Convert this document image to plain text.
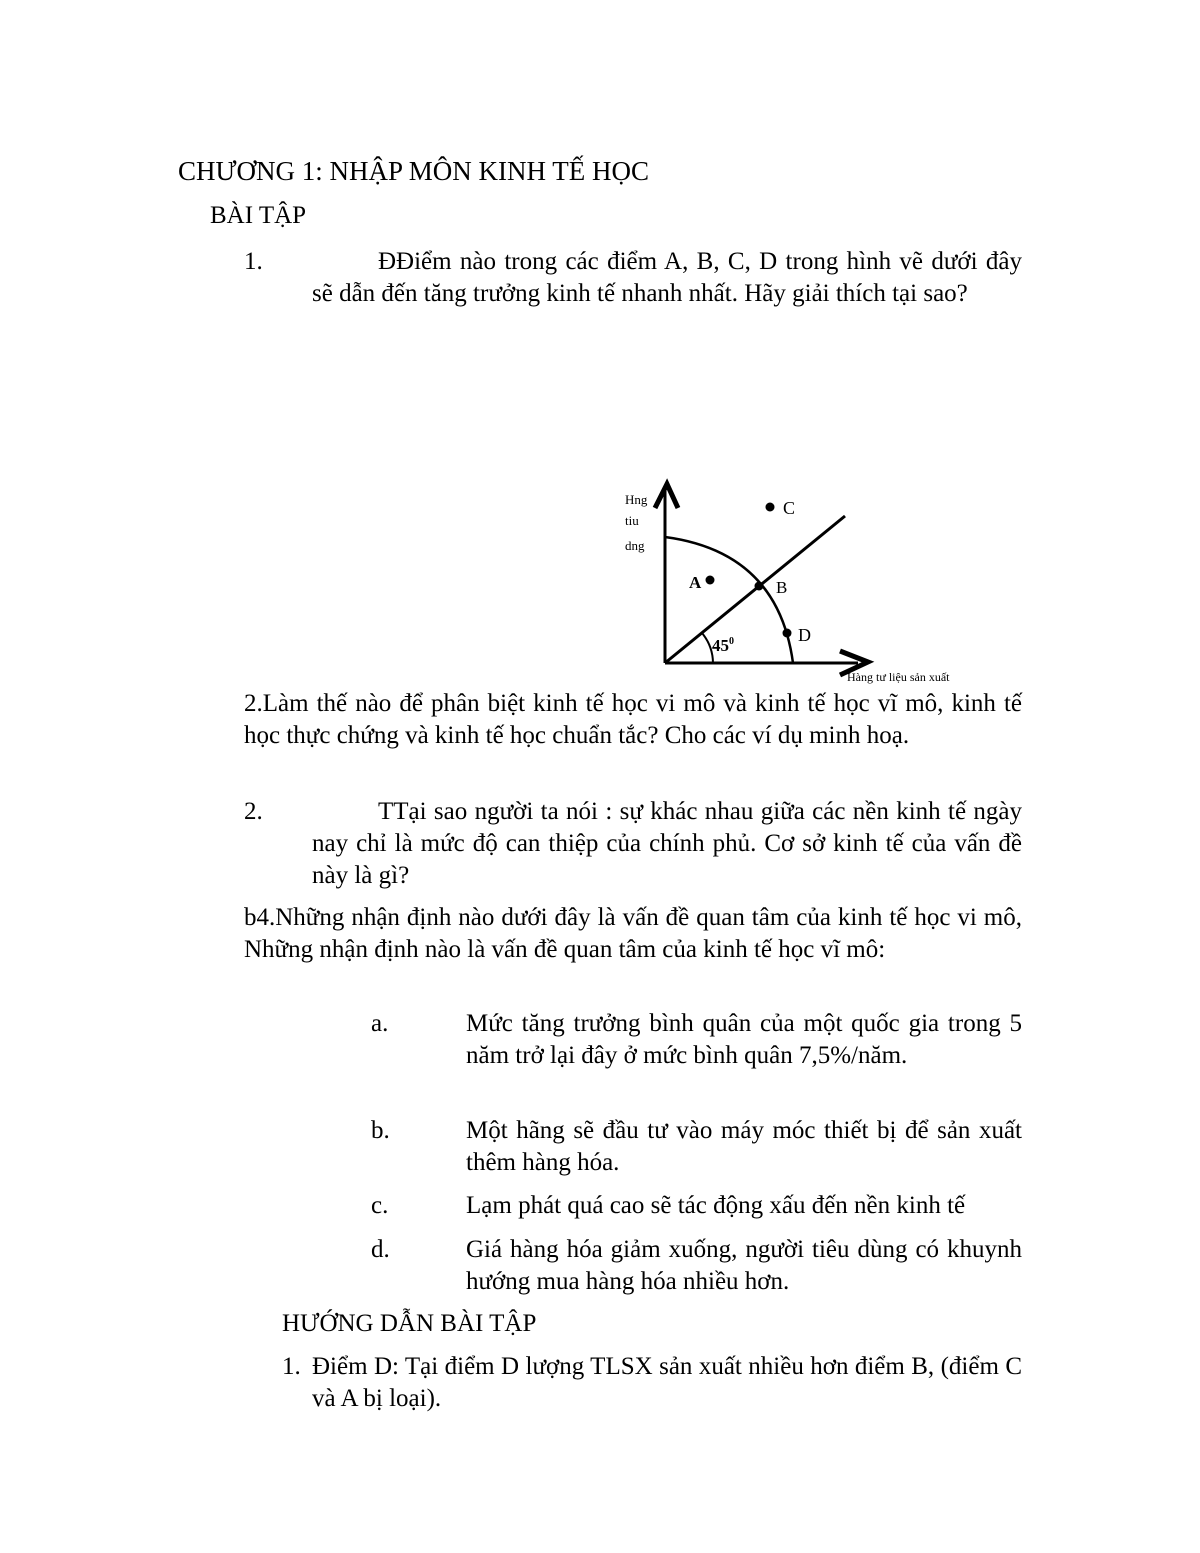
CHƯƠNG 1: NHẬP MÔN KINH TẾ HỌC
BÀI TẬP
1.	ĐĐiểm nào trong các điểm A, B, C, D trong hình vẽ dưới đây sẽ dẫn đến tăng trưởng kinh tế nhanh nhất. Hãy giải thích tại sao?
A	B
C
D
$45^0$
Hng
tiu
dng
Hàng tư liệu sản xuất
2.Làm thế nào để phân biệt kinh tế học vi mô và kinh tế học vĩ mô, kinh tế học thực chứng và kinh tế học chuẩn tắc? Cho các ví dụ minh hoạ.
2.	TTại sao người ta nói : sự khác nhau giữa các nền kinh tế ngày nay chỉ là mức độ can thiệp của chính phủ. Cơ sở kinh tế của vấn đề này là gì?
b4.Những nhận định nào dưới đây là vấn đề quan tâm của kinh tế học vi mô, Những nhận định nào là vấn đề quan tâm của kinh tế học vĩ mô:
a.	Mức tăng trưởng bình quân của một quốc gia trong 5 năm trở lại đây ở mức bình quân 7,5%/năm.
b.	Một hãng sẽ đầu tư vào máy móc thiết bị để sản xuất thêm hàng hóa.
c.	Lạm phát quá cao sẽ tác động xấu đến nền kinh tế
d.	Giá hàng hóa giảm xuống, người tiêu dùng có khuynh hướng mua hàng hóa nhiều hơn.
HƯỚNG DẪN BÀI TẬP
1. Điểm D: Tại điểm D lượng TLSX sản xuất nhiều hơn điểm B, (điểm C và A bị loại).
